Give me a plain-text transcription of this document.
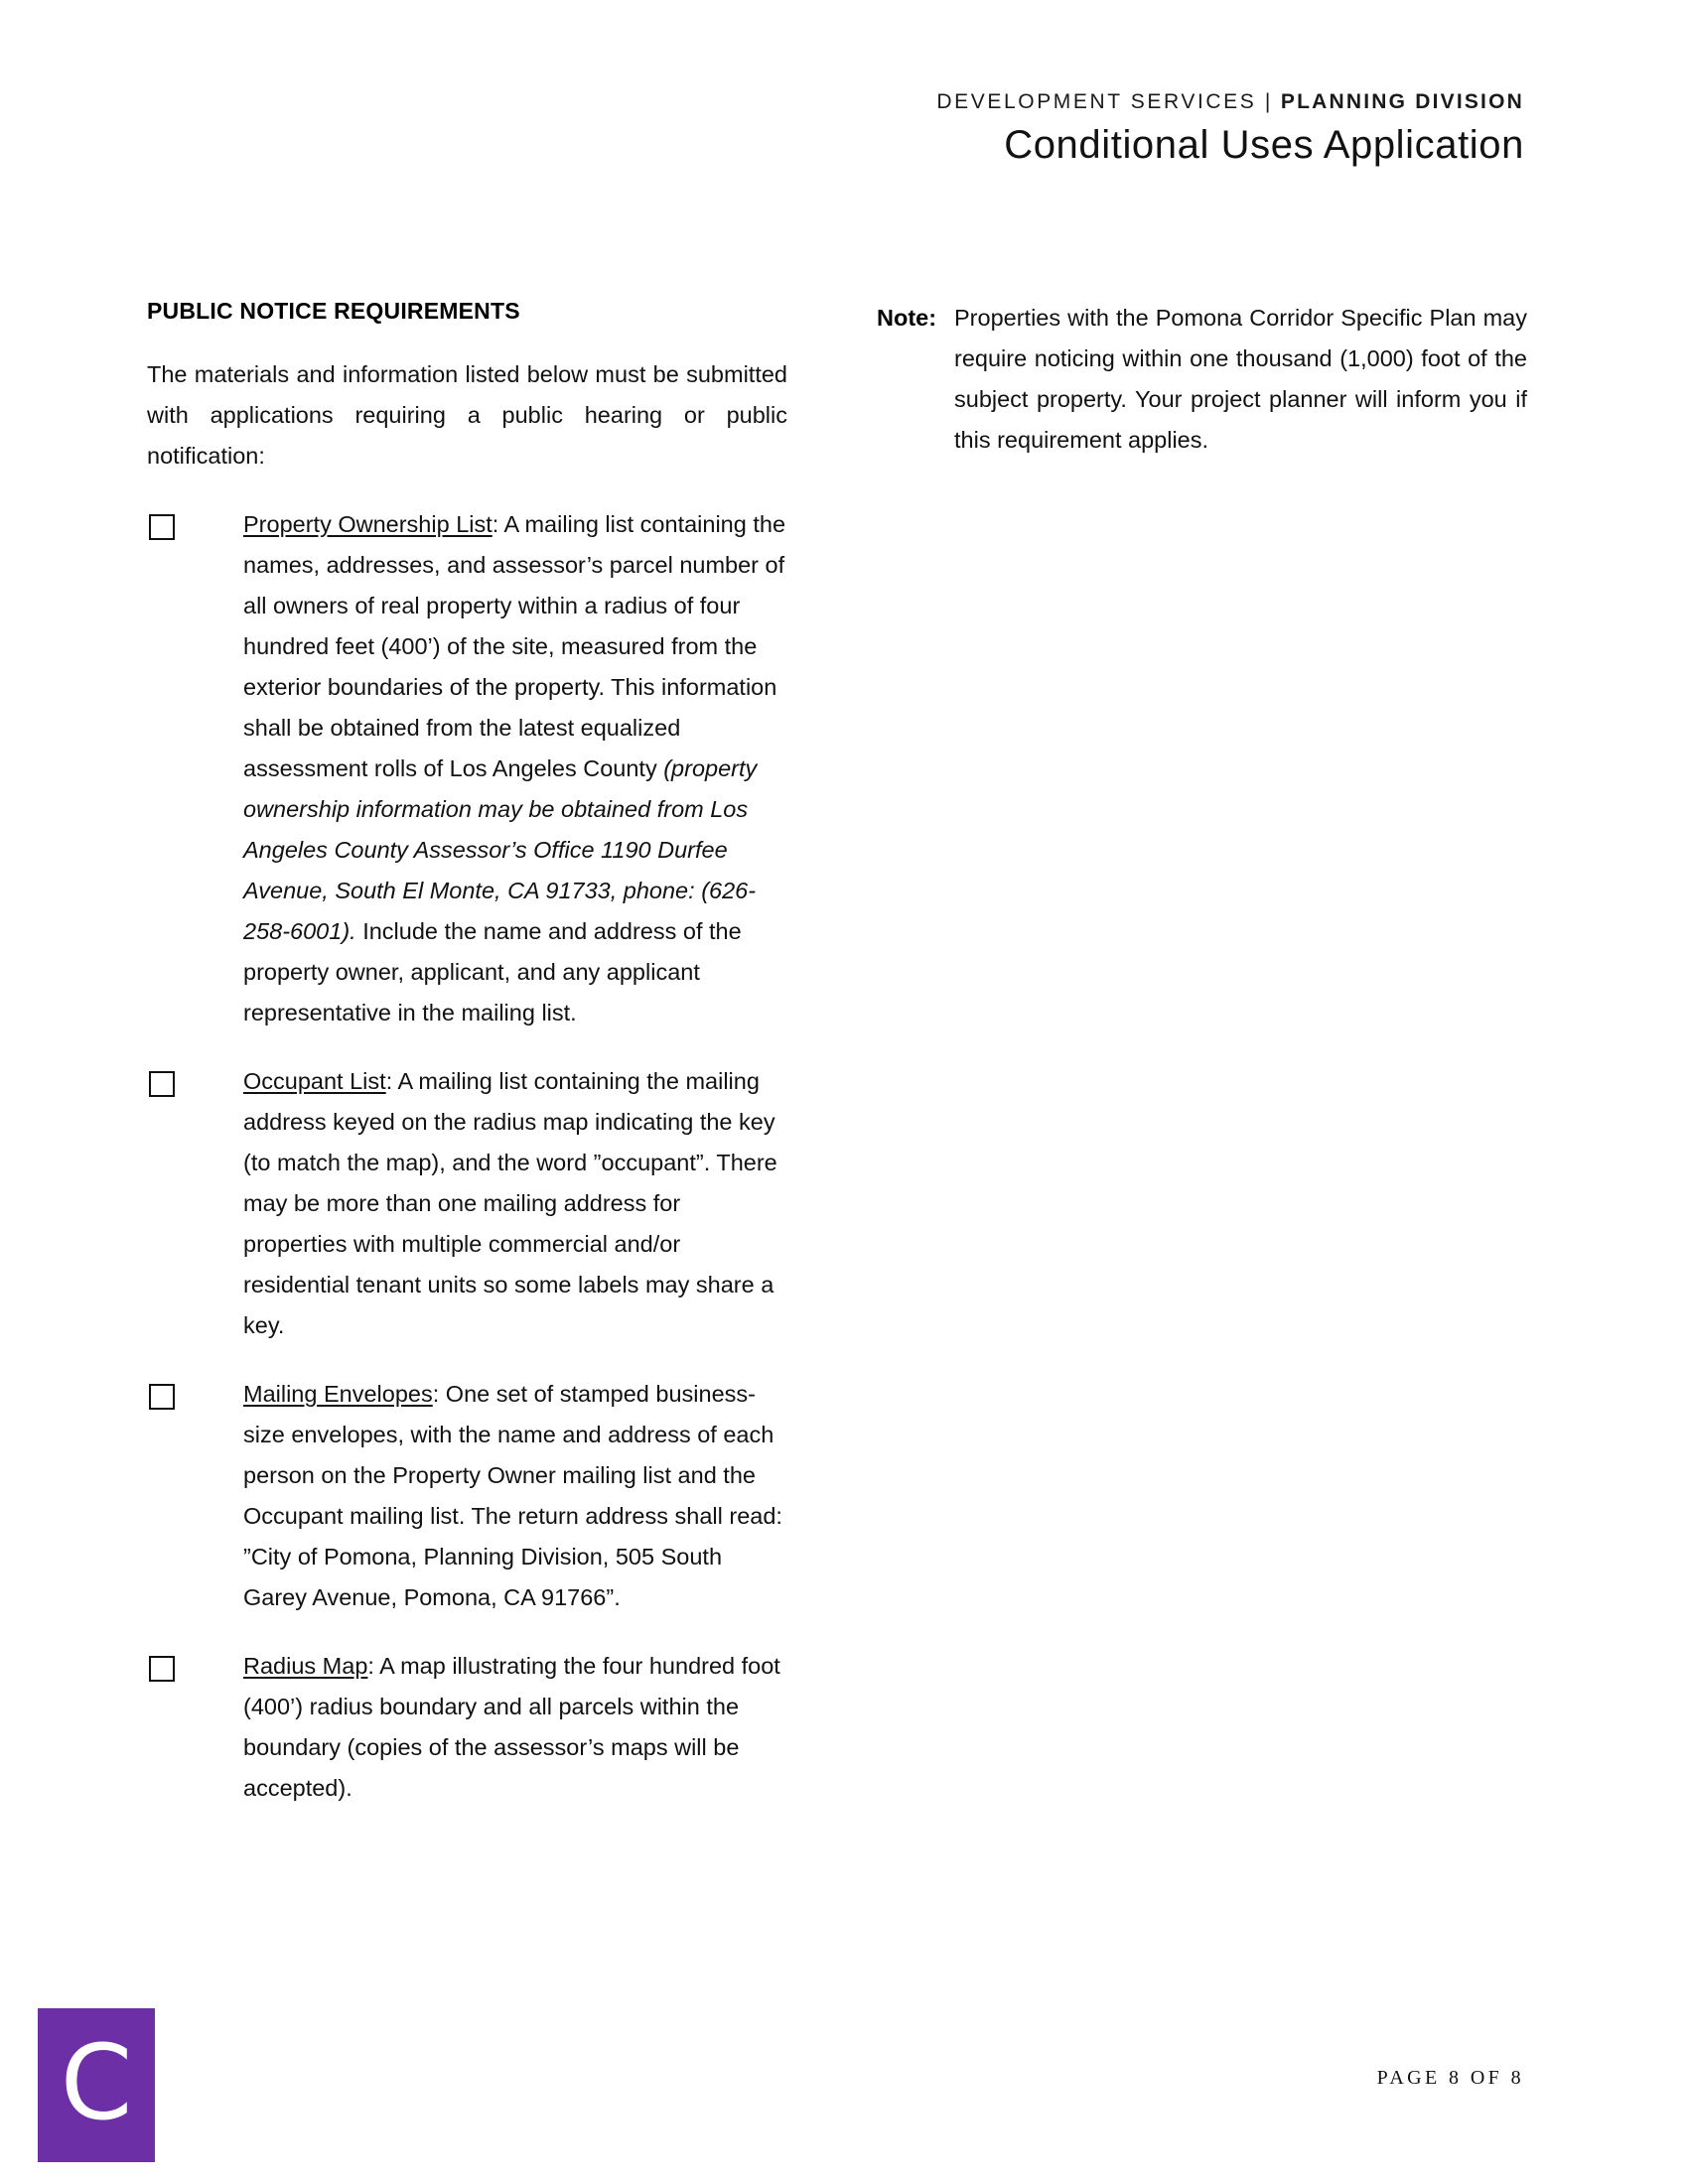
DEVELOPMENT SERVICES | PLANNING DIVISION
Conditional Uses Application
PUBLIC NOTICE REQUIREMENTS

The materials and information listed below must be submitted with applications requiring a public hearing or public notification:

Property Ownership List: A mailing list containing the names, addresses, and assessor’s parcel number of all owners of real property within a radius of four hundred feet (400’) of the site, measured from the exterior boundaries of the property. This information shall be obtained from the latest equalized assessment rolls of Los Angeles County (property ownership information may be obtained from Los Angeles County Assessor’s Office 1190 Durfee Avenue, South El Monte, CA 91733, phone: (626-258-6001). Include the name and address of the property owner, applicant, and any applicant representative in the mailing list.
Occupant List: A mailing list containing the mailing address keyed on the radius map indicating the key (to match the map), and the word ”occupant”. There may be more than one mailing address for properties with multiple commercial and/or residential tenant units so some labels may share a key.
Mailing Envelopes: One set of stamped business-size envelopes, with the name and address of each person on the Property Owner mailing list and the Occupant mailing list. The return address shall read: ”City of Pomona, Planning Division, 505 South Garey Avenue, Pomona, CA 91766”.
Radius Map: A map illustrating the four hundred foot (400’) radius boundary and all parcels within the boundary (copies of the assessor’s maps will be accepted).
Note: Properties with the Pomona Corridor Specific Plan may require noticing within one thousand (1,000) foot of the subject property. Your project planner will inform you if this requirement applies.

C	PAGE 8 OF 8
